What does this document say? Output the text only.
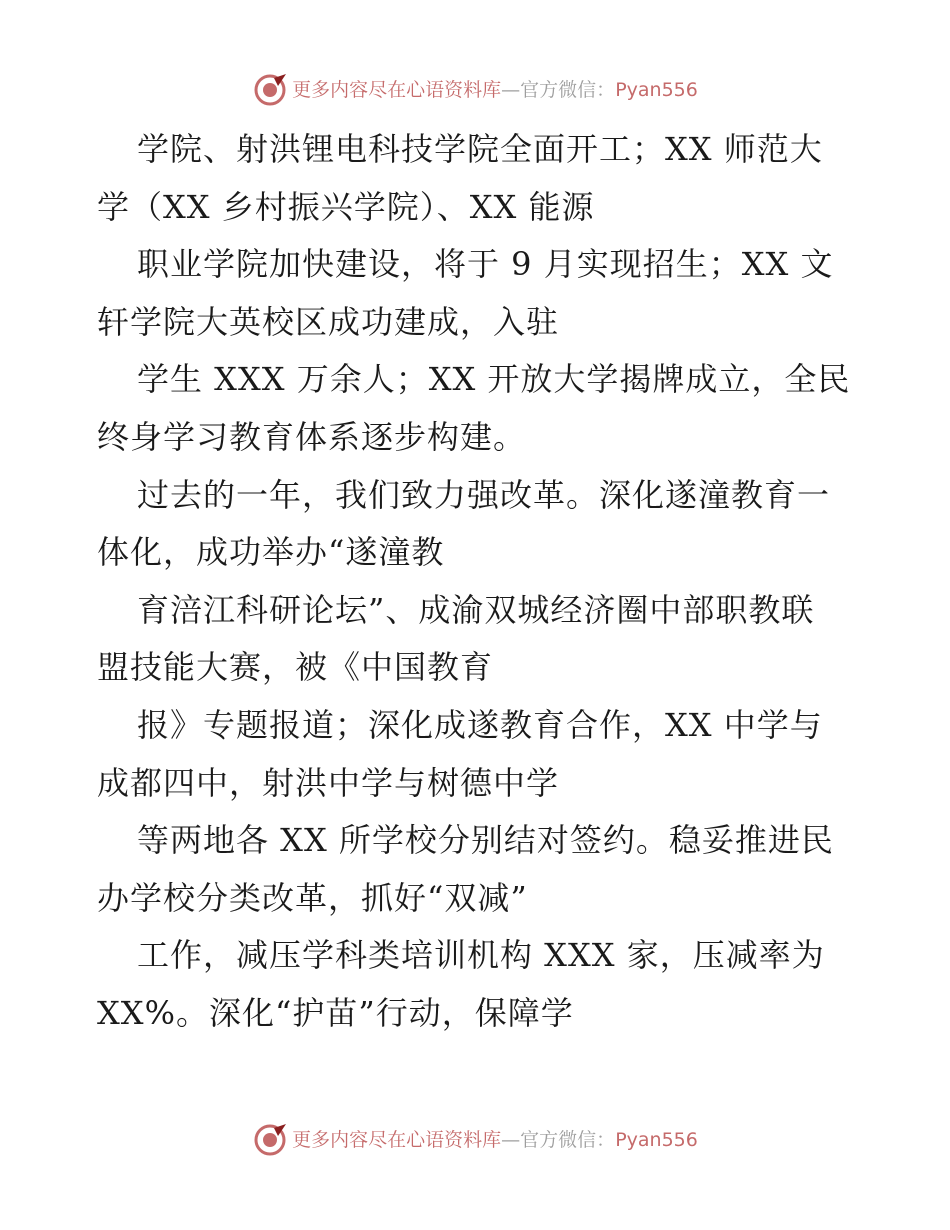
更多内容尽在心语资料库 —官方微信： Pyan556
学院、射洪锂电科技学院全面开工；XX 师范大
学（XX 乡村振兴学院）、XX 能源
职业学院加快建设，将于 9 月实现招生；XX 文
轩学院大英校区成功建成，入驻
学生 XXX 万余人；XX 开放大学揭牌成立，全民
终身学习教育体系逐步构建。
过去的一年，我们致力强改革。深化遂潼教育一
体化，成功举办“遂潼教
育涪江科研论坛”、成渝双城经济圈中部职教联
盟技能大赛，被《中国教育
报》专题报道；深化成遂教育合作，XX 中学与
成都四中，射洪中学与树德中学
等两地各 XX 所学校分别结对签约。稳妥推进民
办学校分类改革，抓好“双减”
工作，减压学科类培训机构 XXX 家，压减率为
XX%。深化“护苗”行动，保障学
更多内容尽在心语资料库 —官方微信： Pyan556
